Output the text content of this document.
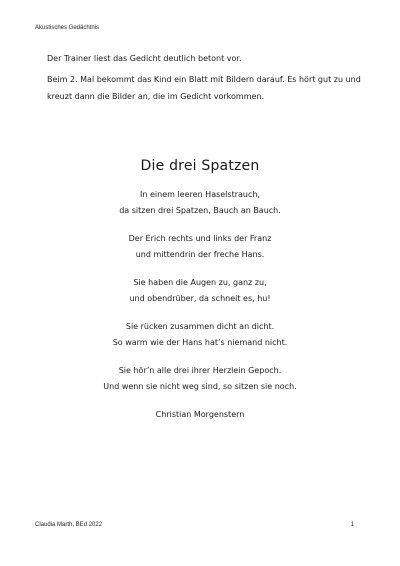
Akustisches Gedächtnis

Der Trainer liest das Gedicht deutlich betont vor.

Beim 2. Mal bekommt das Kind ein Blatt mit Bildern darauf. Es hört gut zu und kreuzt dann die Bilder an, die im Gedicht vorkommen.

Die drei Spatzen
In einem leeren Haselstrauch,
da sitzen drei Spatzen, Bauch an Bauch.
Der Erich rechts und links der Franz
und mittendrin der freche Hans.
Sie haben die Augen zu, ganz zu,
und obendrüber, da schneit es, hu!
Sie rücken zusammen dicht an dicht.
So warm wie der Hans hat’s niemand nicht.
Sie hör’n alle drei ihrer Herzlein Gepoch.
Und wenn sie nicht weg sind, so sitzen sie noch.
Christian Morgenstern
Claudia Marth, BEd 2022	1
